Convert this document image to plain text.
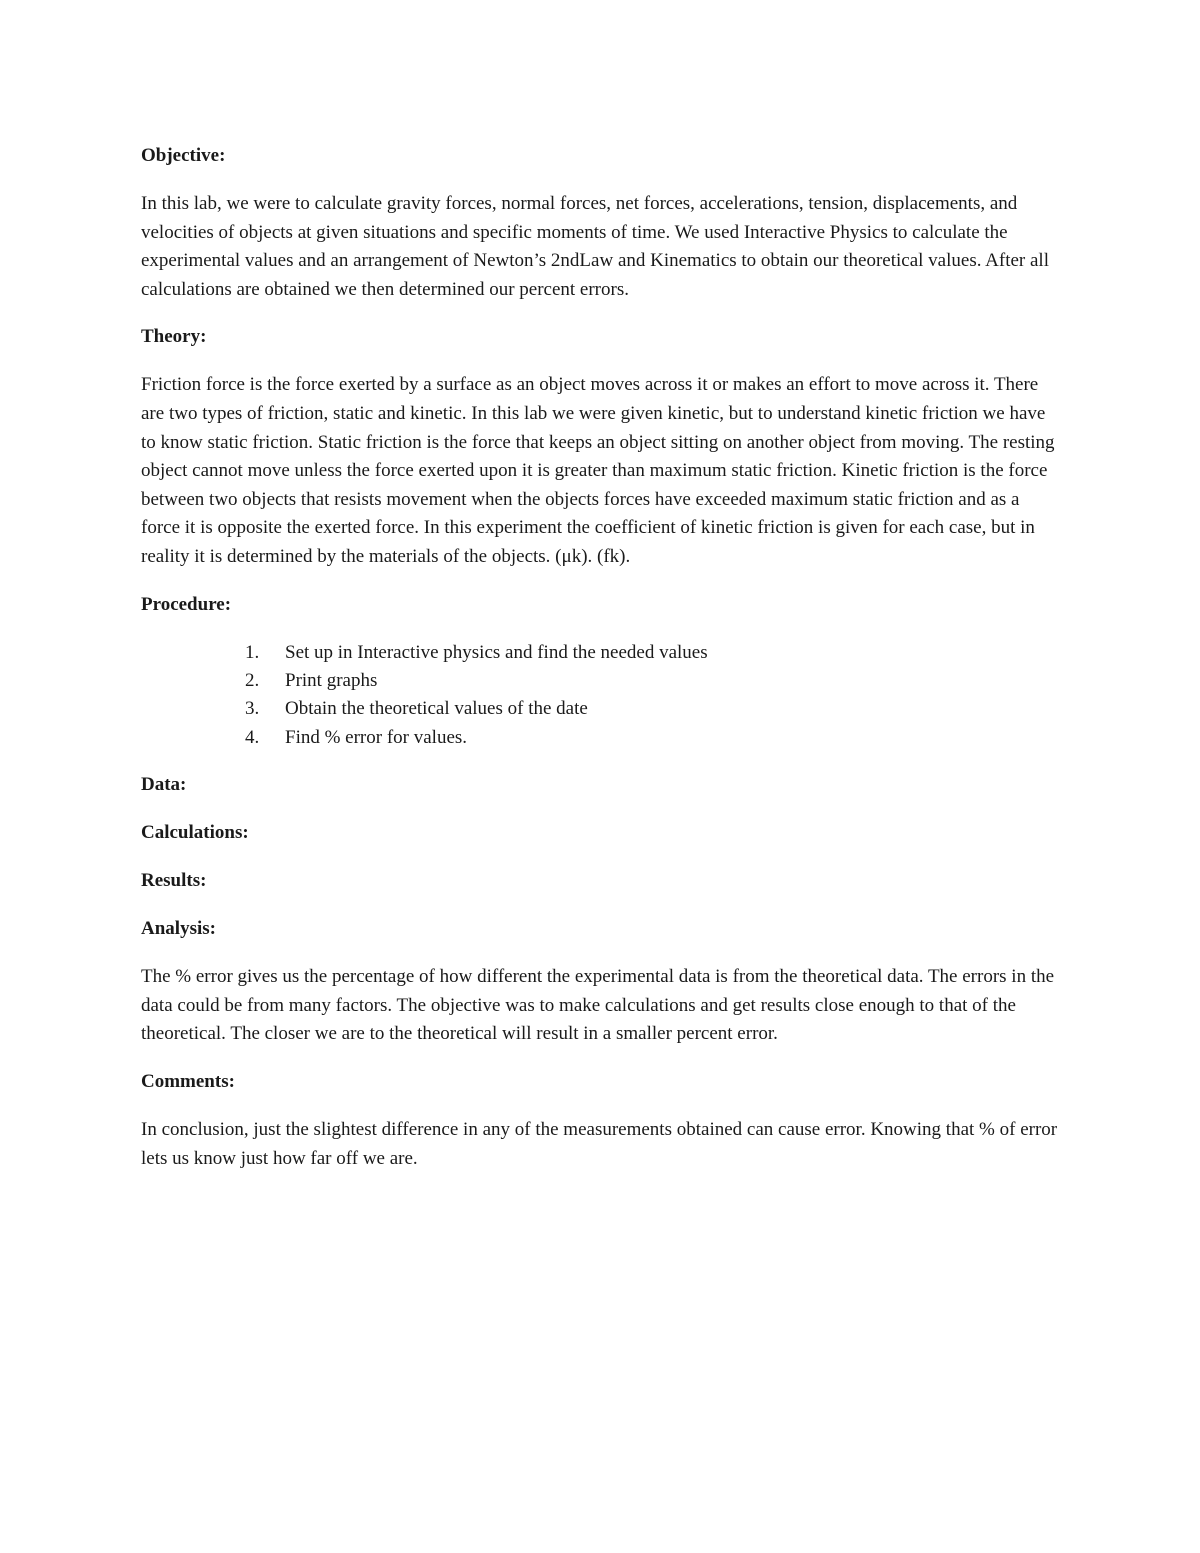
Objective:

In this lab, we were to calculate gravity forces, normal forces, net forces, accelerations, tension, displacements, and velocities of objects at given situations and specific moments of time. We used Interactive Physics to calculate the experimental values and an arrangement of Newton’s 2ndLaw and Kinematics to obtain our theoretical values. After all calculations are obtained we then determined our percent errors.

Theory:

Friction force is the force exerted by a surface as an object moves across it or makes an effort to move across it. There are two types of friction, static and kinetic. In this lab we were given kinetic, but to understand kinetic friction we have to know static friction. Static friction is the force that keeps an object sitting on another object from moving. The resting object cannot move unless the force exerted upon it is greater than maximum static friction. Kinetic friction is the force between two objects that resists movement when the objects forces have exceeded maximum static friction and as a force it is opposite the exerted force. In this experiment the coefficient of kinetic friction is given for each case, but in reality it is determined by the materials of the objects. (μk). (fk).

Procedure:
1.	Set up in Interactive physics and find the needed values
2.	Print graphs
3.	Obtain the theoretical values of the date
4.	Find % error for values.
Data:
Calculations:
Results:
Analysis:

The % error gives us the percentage of how different the experimental data is from the theoretical data. The errors in the data could be from many factors. The objective was to make calculations and get results close enough to that of the theoretical. The closer we are to the theoretical will result in a smaller percent error.

Comments:

In conclusion, just the slightest difference in any of the measurements obtained can cause error. Knowing that % of error lets us know just how far off we are.
